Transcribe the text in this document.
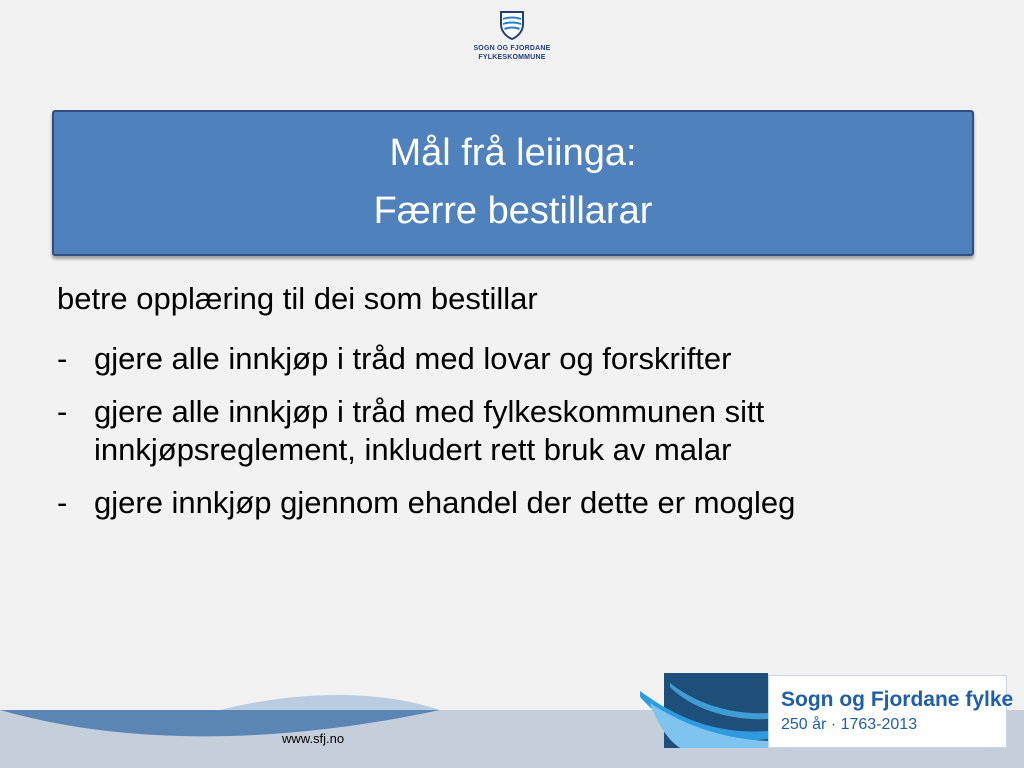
SOGN OG FJORDANE
FYLKESKOMMUNE
Mål frå leiinga:
Færre bestillarar

betre opplæring til dei som bestillar

- gjere alle innkjøp i tråd med lovar og forskrifter
- gjere alle innkjøp i tråd med fylkeskommunen sitt innkjøpsreglement, inkludert rett bruk av malar
- gjere innkjøp gjennom ehandel der dette er mogleg
www.sfj.no
Sogn og Fjordane fylke
250 år · 1763-2013
